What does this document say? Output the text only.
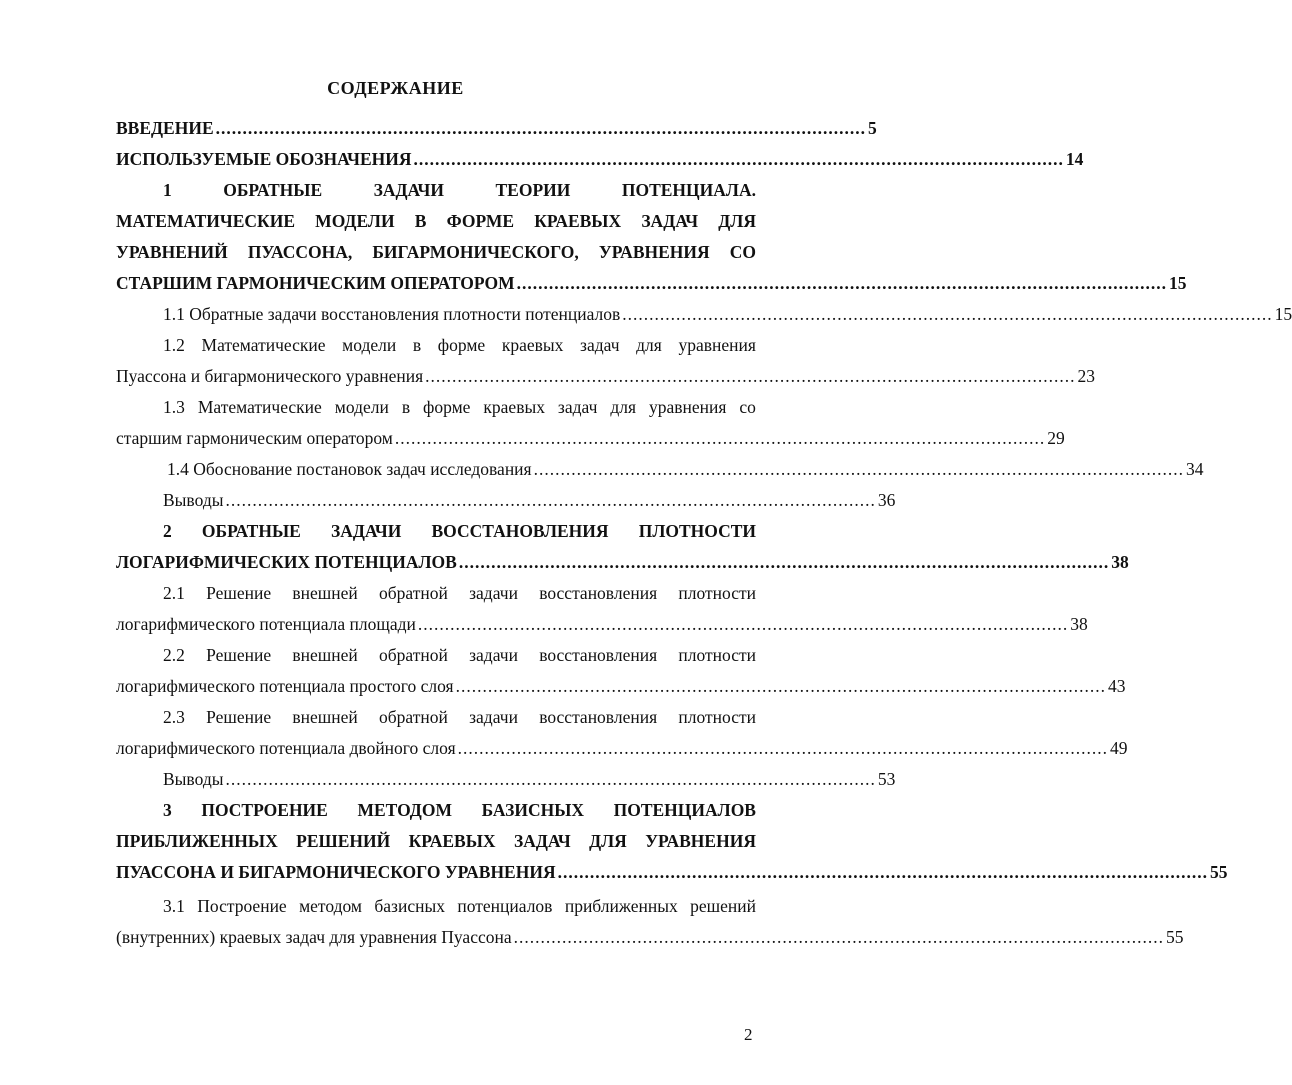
СОДЕРЖАНИЕ
ВВЕДЕНИЕ ......................................................................................................................... 5
ИСПОЛЬЗУЕМЫЕ ОБОЗНАЧЕНИЯ ......................................................................................................................... 14
1	ОБРАТНЫЕ	ЗАДАЧИ	ТЕОРИИ	ПОТЕНЦИАЛА.
МАТЕМАТИЧЕСКИЕ МОДЕЛИ В ФОРМЕ КРАЕВЫХ ЗАДАЧ ДЛЯ
УРАВНЕНИЙ ПУАССОНА, БИГАРМОНИЧЕСКОГО, УРАВНЕНИЯ СО
СТАРШИМ ГАРМОНИЧЕСКИМ ОПЕРАТОРОМ ......................................................................................................................... 15
1.1 Обратные задачи восстановления плотности потенциалов ......................................................................................................................... 15
1.2 Математические модели в форме краевых задач для уравнения
Пуассона и бигармонического уравнения ......................................................................................................................... 23
1.3 Математические модели в форме краевых задач для уравнения со
старшим гармоническим оператором ......................................................................................................................... 29
1.4 Обоснование постановок задач исследования ......................................................................................................................... 34
Выводы ......................................................................................................................... 36
2 ОБРАТНЫЕ ЗАДАЧИ ВОССТАНОВЛЕНИЯ ПЛОТНОСТИ
ЛОГАРИФМИЧЕСКИХ ПОТЕНЦИАЛОВ ......................................................................................................................... 38
2.1 Решение внешней обратной задачи восстановления плотности
логарифмического потенциала площади ......................................................................................................................... 38
2.2 Решение внешней обратной задачи восстановления плотности
логарифмического потенциала простого слоя ......................................................................................................................... 43
2.3 Решение внешней обратной задачи восстановления плотности
логарифмического потенциала двойного слоя ......................................................................................................................... 49
Выводы ......................................................................................................................... 53
3 ПОСТРОЕНИЕ МЕТОДОМ БАЗИСНЫХ ПОТЕНЦИАЛОВ
ПРИБЛИЖЕННЫХ РЕШЕНИЙ КРАЕВЫХ ЗАДАЧ ДЛЯ УРАВНЕНИЯ
ПУАССОНА И БИГАРМОНИЧЕСКОГО УРАВНЕНИЯ ......................................................................................................................... 55
3.1 Построение методом базисных потенциалов приближенных решений
(внутренних) краевых задач для уравнения Пуассона ......................................................................................................................... 55
2
